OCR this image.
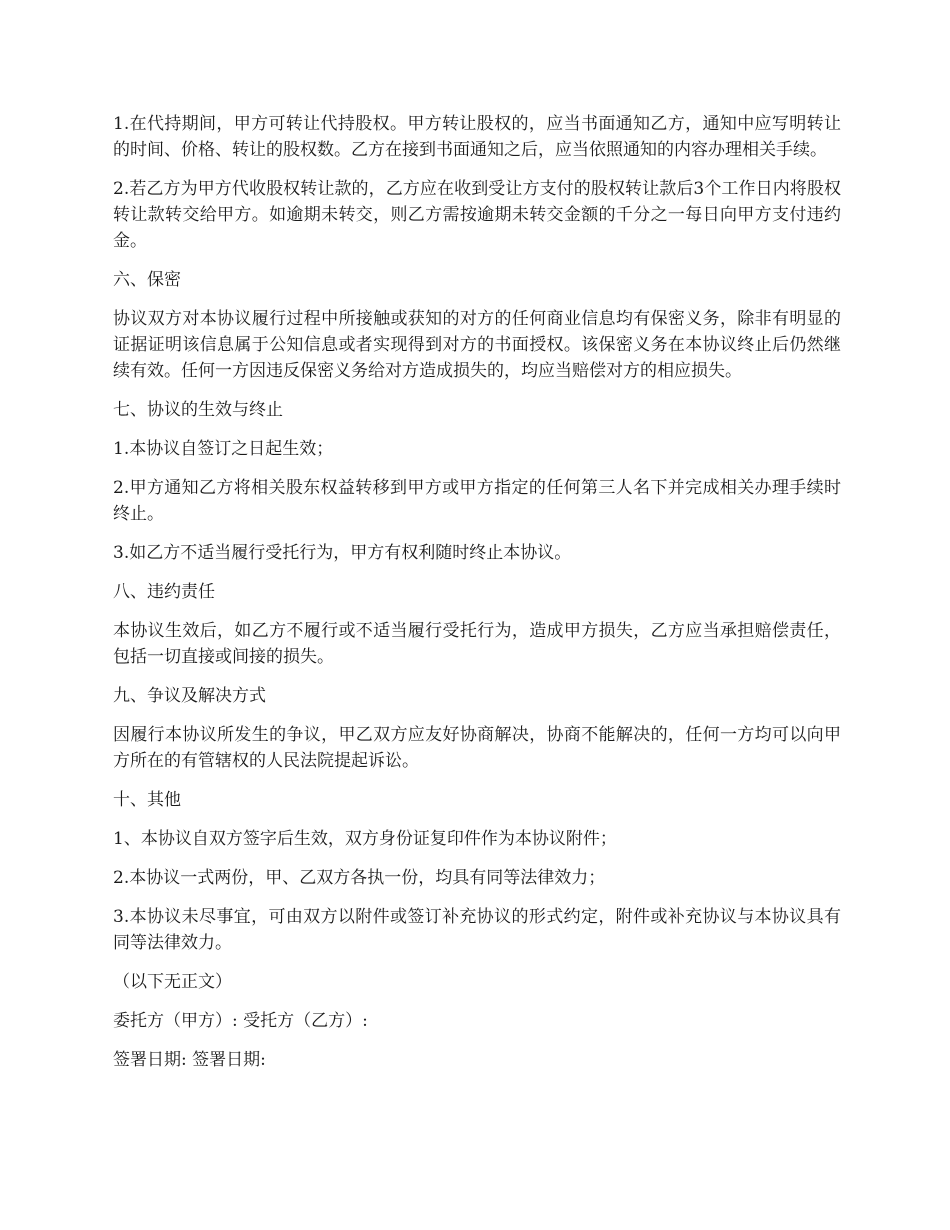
1.在代持期间，甲方可转让代持股权。甲方转让股权的，应当书面通知乙方，通知中应写明转让的时间、价格、转让的股权数。乙方在接到书面通知之后，应当依照通知的内容办理相关手续。

2.若乙方为甲方代收股权转让款的，乙方应在收到受让方支付的股权转让款后3个工作日内将股权转让款转交给甲方。如逾期未转交，则乙方需按逾期未转交金额的千分之一每日向甲方支付违约金。

六、保密

协议双方对本协议履行过程中所接触或获知的对方的任何商业信息均有保密义务，除非有明显的证据证明该信息属于公知信息或者实现得到对方的书面授权。该保密义务在本协议终止后仍然继续有效。任何一方因违反保密义务给对方造成损失的，均应当赔偿对方的相应损失。

七、协议的生效与终止

1.本协议自签订之日起生效；

2.甲方通知乙方将相关股东权益转移到甲方或甲方指定的任何第三人名下并完成相关办理手续时终止。

3.如乙方不适当履行受托行为，甲方有权利随时终止本协议。

八、违约责任

本协议生效后，如乙方不履行或不适当履行受托行为，造成甲方损失，乙方应当承担赔偿责任，包括一切直接或间接的损失。

九、争议及解决方式

因履行本协议所发生的争议，甲乙双方应友好协商解决，协商不能解决的，任何一方均可以向甲方所在的有管辖权的人民法院提起诉讼。

十、其他

1、本协议自双方签字后生效，双方身份证复印件作为本协议附件；

2.本协议一式两份，甲、乙双方各执一份，均具有同等法律效力；

3.本协议未尽事宜，可由双方以附件或签订补充协议的形式约定，附件或补充协议与本协议具有同等法律效力。

（以下无正文）

委托方（甲方）: 受托方（乙方）:

签署日期: 签署日期:
